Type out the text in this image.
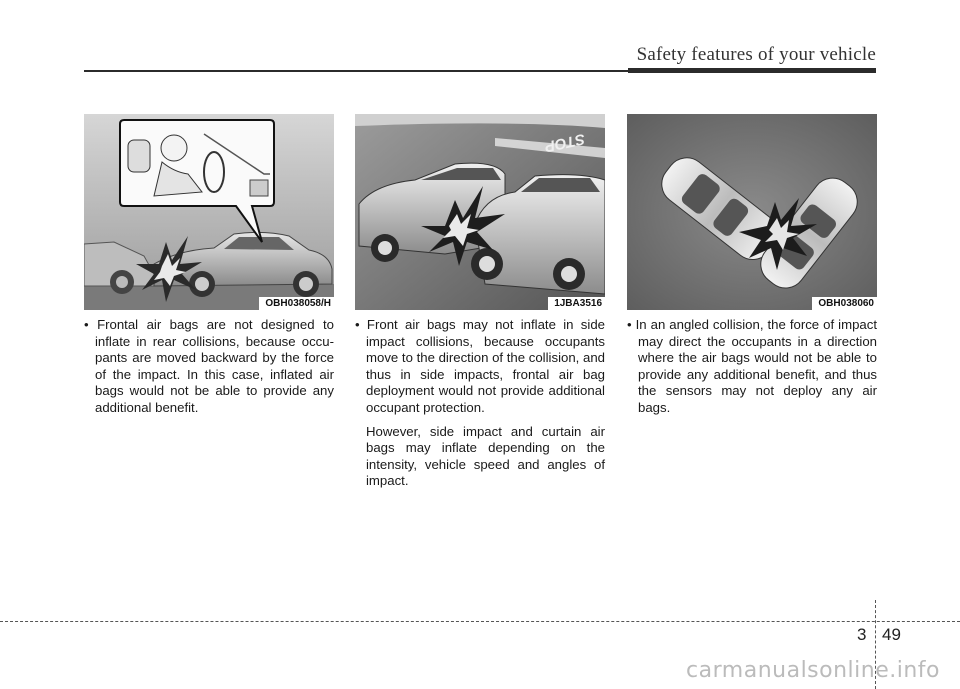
Safety features of your vehicle
OBH038058/H
STOP
1JBA3516	OBH038060

• Frontal air bags are not designed to inflate in rear collisions, because occupants are moved backward by the force of the impact. In this case, inflated air bags would not be able to provide any additional benefit.

• Front air bags may not inflate in side impact collisions, because occupants move to the direction of the collision, and thus in side impacts, frontal air bag deployment would not provide additional occupant protection.

However, side impact and curtain air bags may inflate depending on the intensity, vehicle speed and angles of impact.

• In an angled collision, the force of impact may direct the occupants in a direction where the air bags would not be able to provide any additional benefit, and thus the sensors may not deploy any air bags.

3 49
carmanualsonline.info
